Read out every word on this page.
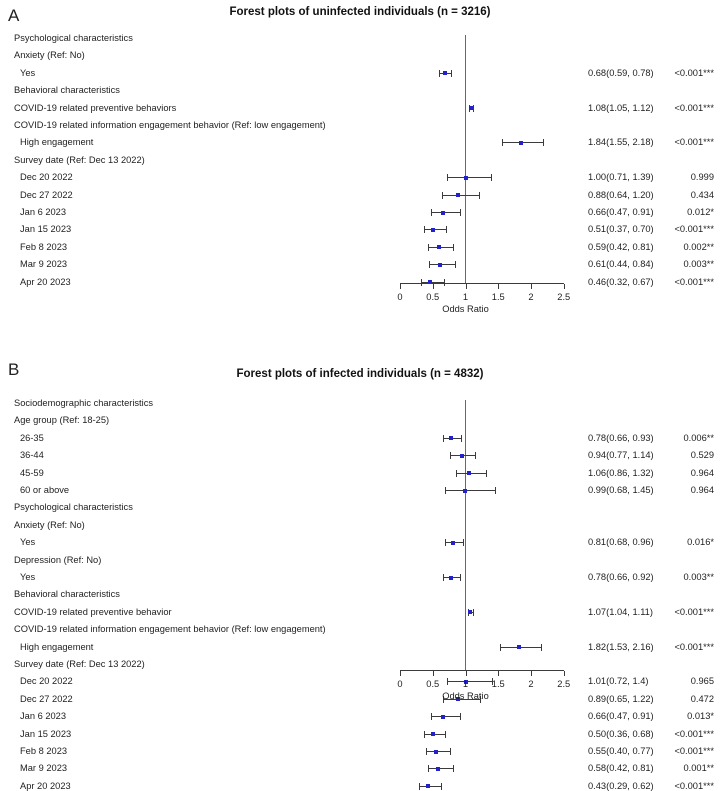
A	Forest plots of uninfected individuals (n = 3216)
Psychological characteristics
Anxiety (Ref: No)
Yes	0.68(0.59, 0.78)	<0.001***
Behavioral characteristics
COVID-19 related preventive behaviors	1.08(1.05, 1.12)	<0.001***
COVID-19 related information engagement behavior (Ref: low engagement)
High engagement	1.84(1.55, 2.18)	<0.001***
Survey date (Ref: Dec 13 2022)
Dec 20 2022	1.00(0.71, 1.39)	0.999
Dec 27 2022	0.88(0.64, 1.20)	0.434
Jan 6 2023	0.66(0.47, 0.91)	0.012*
Jan 15 2023	0.51(0.37, 0.70)	<0.001***
Feb 8 2023	0.59(0.42, 0.81)	0.002**
Mar 9 2023	0.61(0.44, 0.84)	0.003**
Apr 20 2023	0.46(0.32, 0.67)	<0.001***
0	0.5	1	1.5	2	2.5
Odds Ratio
B	Forest plots of infected individuals (n = 4832)
Sociodemographic characteristics
Age group (Ref: 18-25)
26-35	0.78(0.66, 0.93)	0.006**
36-44	0.94(0.77, 1.14)	0.529
45-59	1.06(0.86, 1.32)	0.964
60 or above	0.99(0.68, 1.45)	0.964
Psychological characteristics
Anxiety (Ref: No)
Yes	0.81(0.68, 0.96)	0.016*
Depression (Ref: No)
Yes	0.78(0.66, 0.92)	0.003**
Behavioral characteristics
COVID-19 related preventive behavior	1.07(1.04, 1.11)	<0.001***
COVID-19 related information engagement behavior (Ref: low engagement)
High engagement	1.82(1.53, 2.16)	<0.001***
Survey date (Ref: Dec 13 2022)
Dec 20 2022	1.01(0.72, 1.4)	0.965
Dec 27 2022	0.89(0.65, 1.22)	0.472
Jan 6 2023	0.66(0.47, 0.91)	0.013*
Jan 15 2023	0.50(0.36, 0.68)	<0.001***
Feb 8 2023	0.55(0.40, 0.77)	<0.001***
Mar 9 2023	0.58(0.42, 0.81)	0.001**
Apr 20 2023	0.43(0.29, 0.62)	<0.001***
0	0.5	1	1.5	2	2.5
Odds Ratio
